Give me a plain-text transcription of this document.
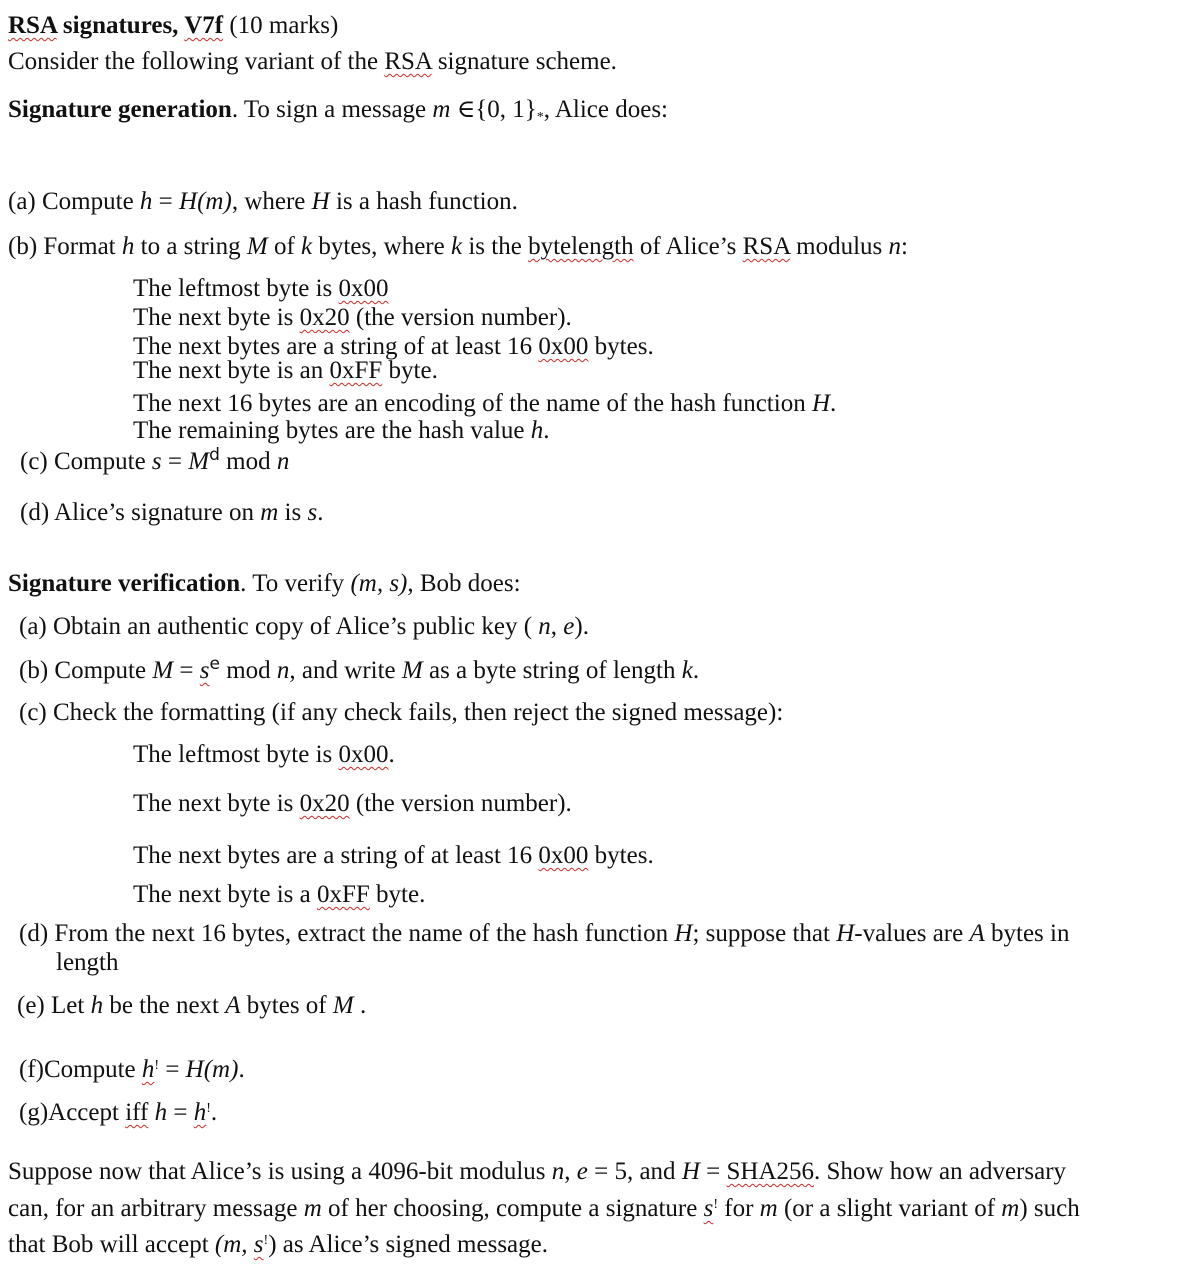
RSA signatures, V7f (10 marks)
Consider the following variant of the RSA signature scheme.
Signature generation. To sign a message m ∈{0, 1}*, Alice does:
(a) Compute h = H(m), where H is a hash function.
(b) Format h to a string M of k bytes, where k is the bytelength of Alice’s RSA modulus n:
The leftmost byte is 0x00
The next byte is 0x20 (the version number).
The next bytes are a string of at least 16 0x00 bytes.
The next byte is an 0xFF byte.
The next 16 bytes are an encoding of the name of the hash function H.
The remaining bytes are the hash value h.
(c) Compute $s = M^d$ mod n
(d) Alice’s signature on m is s.
Signature verification. To verify (m, s), Bob does:
(a) Obtain an authentic copy of Alice’s public key ( n, e).
(b) Compute $M = s^e$ mod n, and write M as a byte string of length k.
(c) Check the formatting (if any check fails, then reject the signed message):
The leftmost byte is 0x00.
The next byte is 0x20 (the version number).
The next bytes are a string of at least 16 0x00 bytes.
The next byte is a 0xFF byte.
(d) From the next 16 bytes, extract the name of the hash function H; suppose that H-values are A bytes in
length
(e) Let h be the next A bytes of M .
(f)Compute h! = H(m).
(g)Accept iff h = h!.
Suppose now that Alice’s is using a 4096-bit modulus n, e = 5, and H = SHA256. Show how an adversary
can, for an arbitrary message m of her choosing, compute a signature s! for m (or a slight variant of m) such
that Bob will accept (m, s!) as Alice’s signed message.
